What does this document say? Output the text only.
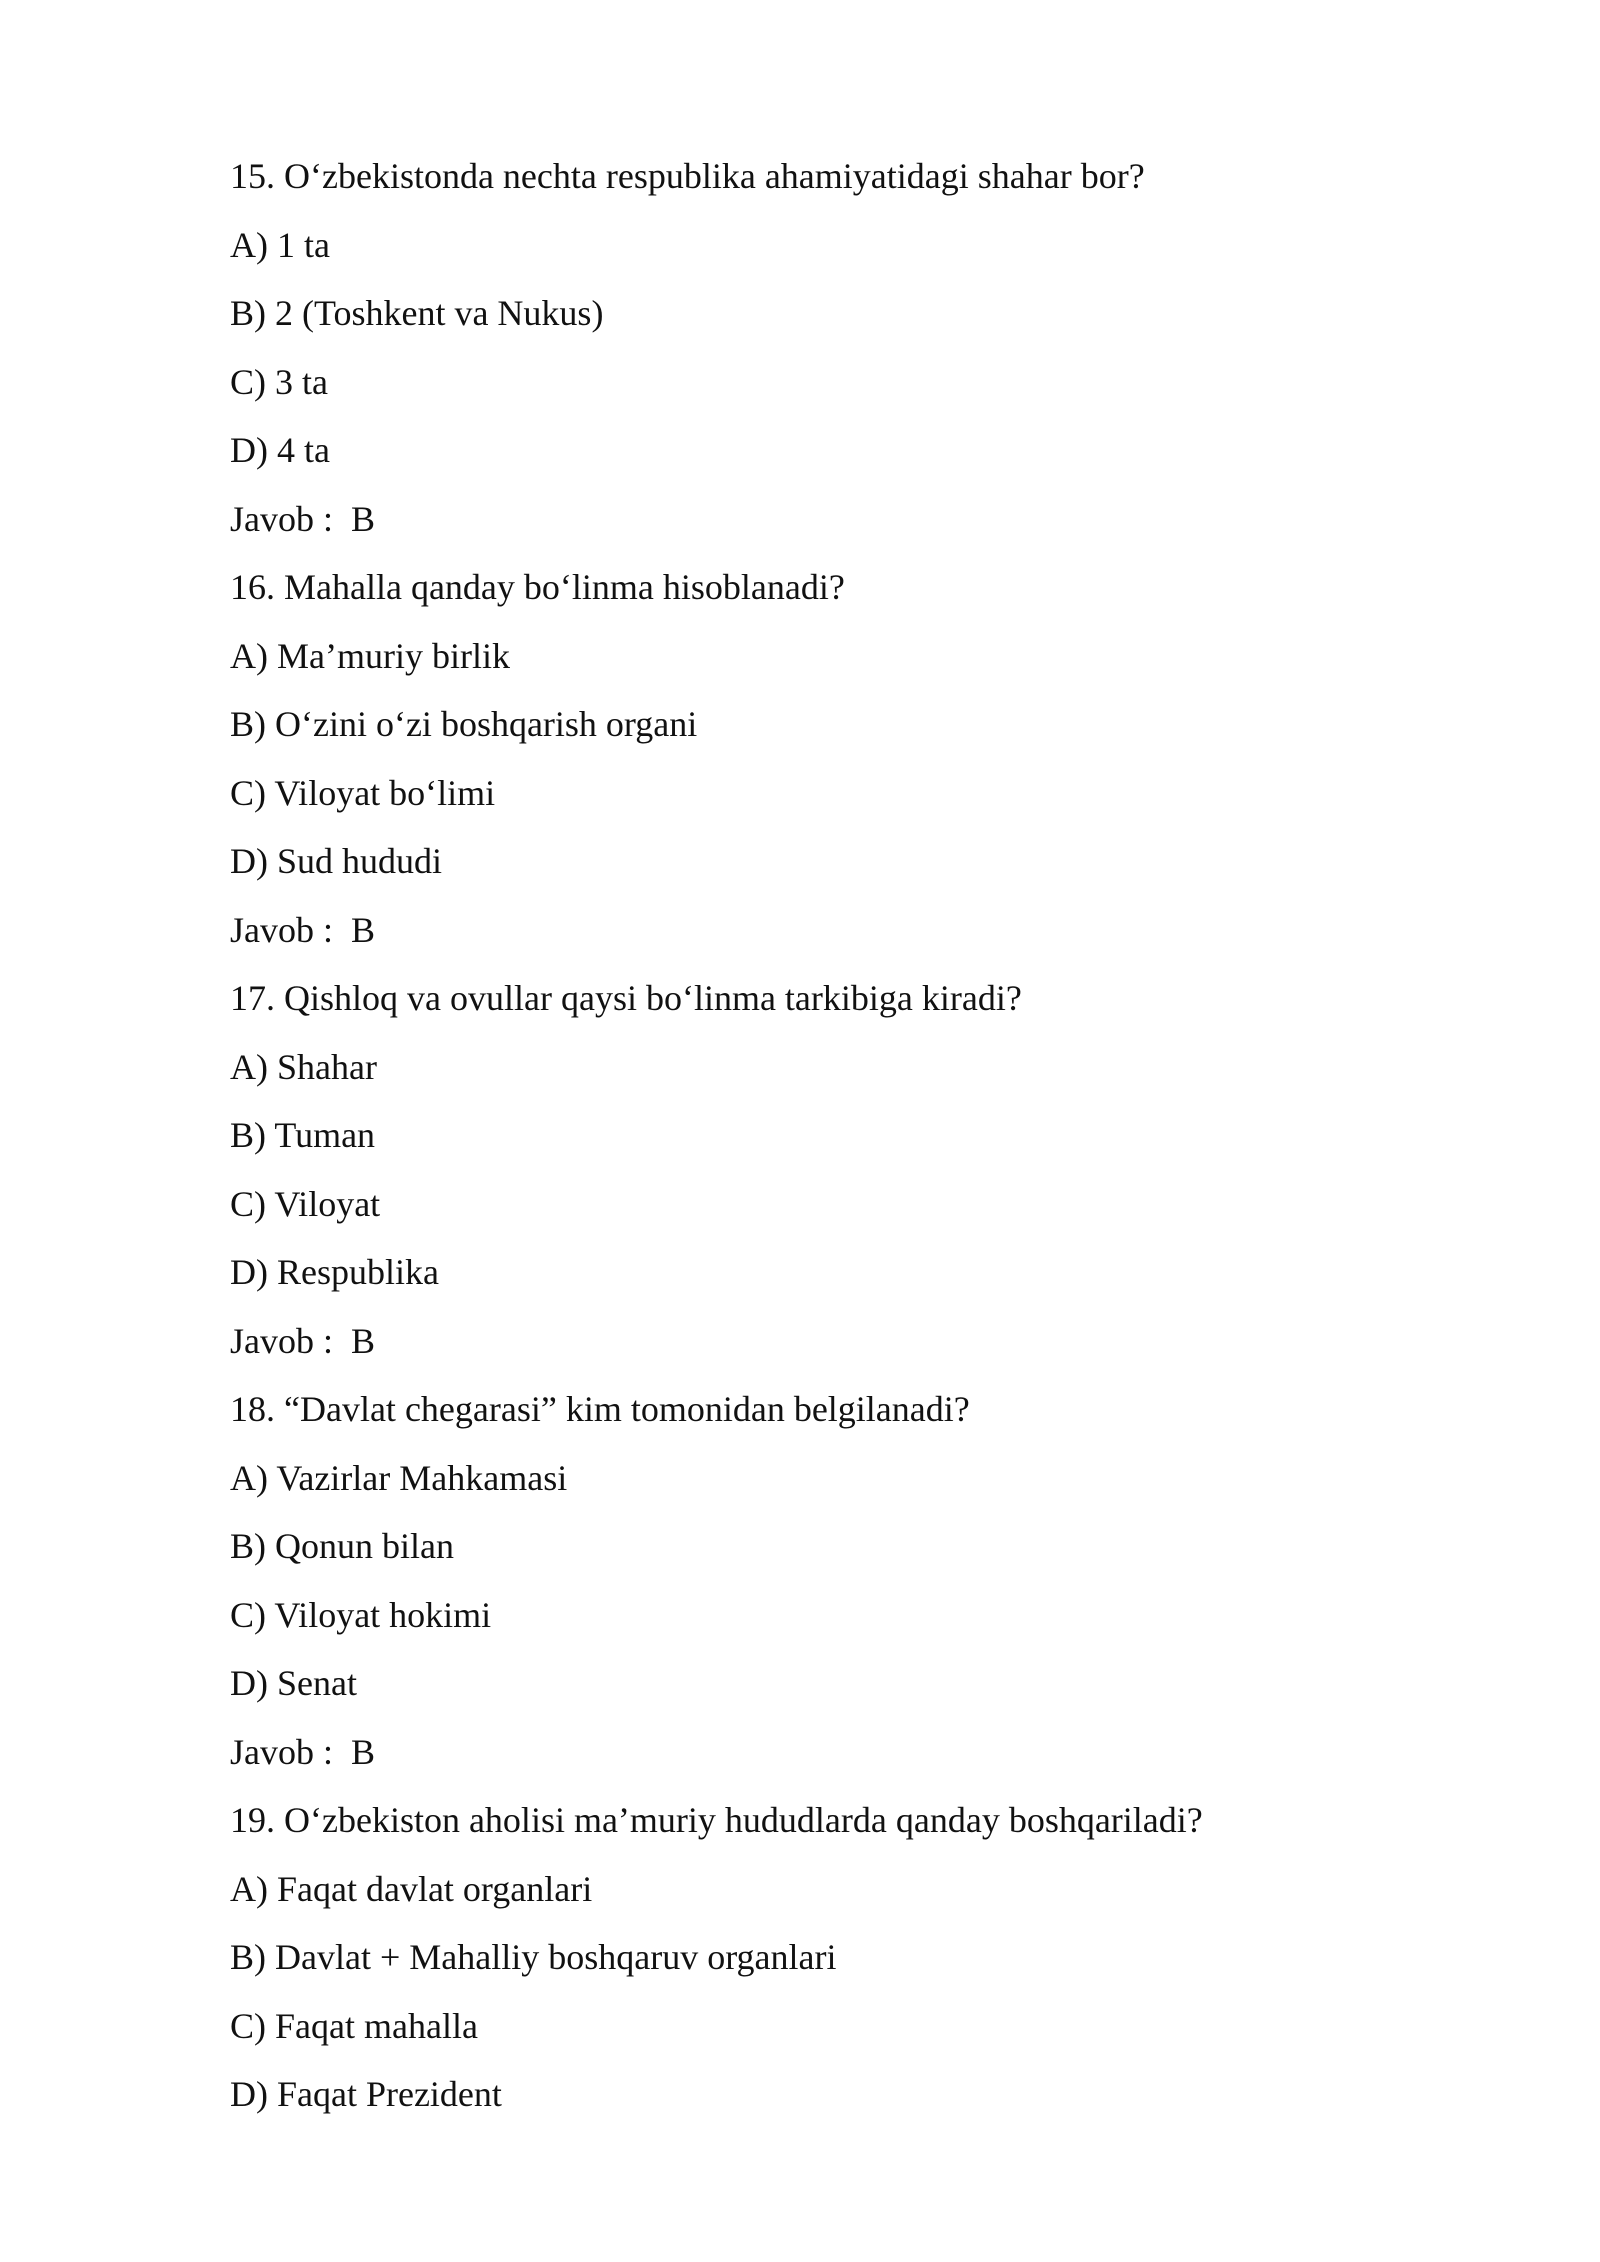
15. O‘zbekistonda nechta respublika ahamiyatidagi shahar bor?

A) 1 ta

B) 2 (Toshkent va Nukus)

C) 3 ta

D) 4 ta

Javob :  B

16. Mahalla qanday bo‘linma hisoblanadi?

A) Ma’muriy birlik

B) O‘zini o‘zi boshqarish organi

C) Viloyat bo‘limi

D) Sud hududi

Javob :  B

17. Qishloq va ovullar qaysi bo‘linma tarkibiga kiradi?

A) Shahar

B) Tuman

C) Viloyat

D) Respublika

Javob :  B

18. “Davlat chegarasi” kim tomonidan belgilanadi?

A) Vazirlar Mahkamasi

B) Qonun bilan

C) Viloyat hokimi

D) Senat

Javob :  B

19. O‘zbekiston aholisi ma’muriy hududlarda qanday boshqariladi?

A) Faqat davlat organlari

B) Davlat + Mahalliy boshqaruv organlari

C) Faqat mahalla

D) Faqat Prezident
